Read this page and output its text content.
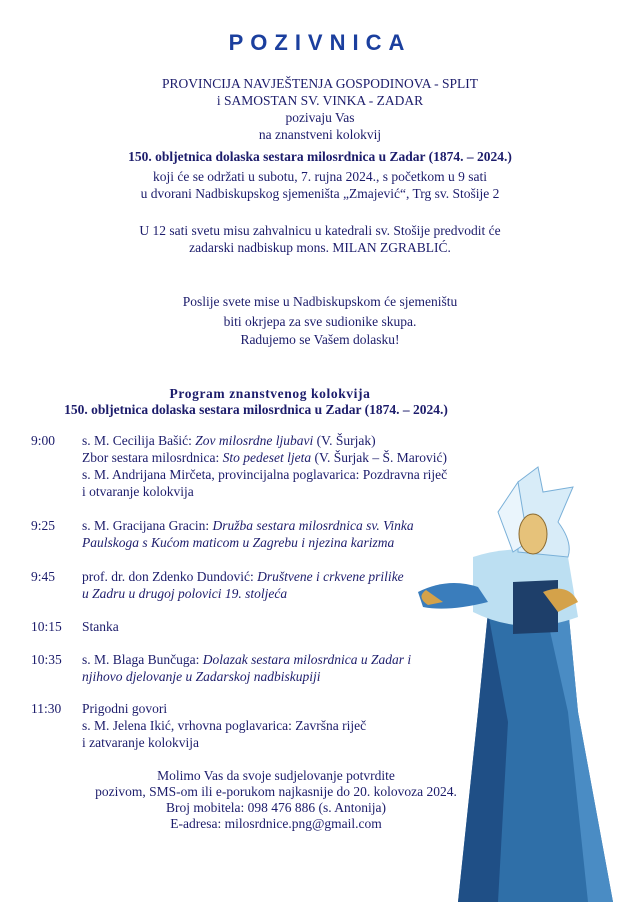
POZIVNICA
PROVINCIJA NAVJEŠTENJA GOSPODINOVA - SPLIT
i SAMOSTAN SV. VINKA - ZADAR
pozivaju Vas
na znanstveni kolokvij
150. obljetnica dolaska sestara milosrdnica u Zadar (1874. – 2024.)
koji će se održati u subotu, 7. rujna 2024., s početkom u 9 sati
u dvorani Nadbiskupskog sjemeništa „Zmajević“, Trg sv. Stošije 2
U 12 sati svetu misu zahvalnicu u katedrali sv. Stošije predvodit će
zadarski nadbiskup mons. MILAN ZGRABLIĆ.
Poslije svete mise u Nadbiskupskom će sjemeništu
biti okrjepa za sve sudionike skupa.
Radujemo se Vašem dolasku!
Program znanstvenog kolokvija
150. obljetnica dolaska sestara milosrdnica u Zadar (1874. – 2024.)
9:00 s. M. Cecilija Bašić: Zov milosrdne ljubavi (V. Šurjak)
Zbor sestara milosrdnica: Sto pedeset ljeta (V. Šurjak – Š. Marović)
s. M. Andrijana Mirčeta, provincijalna poglavarica: Pozdravna riječ
i otvaranje kolokvija
9:25 s. M. Gracijana Gracin: Družba sestara milosrdnica sv. Vinka
Paulskoga s Kućom maticom u Zagrebu i njezina karizma
9:45 prof. dr. don Zdenko Dundović: Društvene i crkvene prilike
u Zadru u drugoj polovici 19. stoljeća
10:15 Stanka
10:35 s. M. Blaga Bunčuga: Dolazak sestara milosrdnica u Zadar i
njihovo djelovanje u Zadarskoj nadbiskupiji
11:30 Prigodni govori
s. M. Jelena Ikić, vrhovna poglavarica: Završna riječ
i zatvaranje kolokvija
Molimo Vas da svoje sudjelovanje potvrdite
pozivom, SMS-om ili e-porukom najkasnije do 20. kolovoza 2024.
Broj mobitela: 098 476 886 (s. Antonija)
E-adresa: milosrdnice.png@gmail.com
